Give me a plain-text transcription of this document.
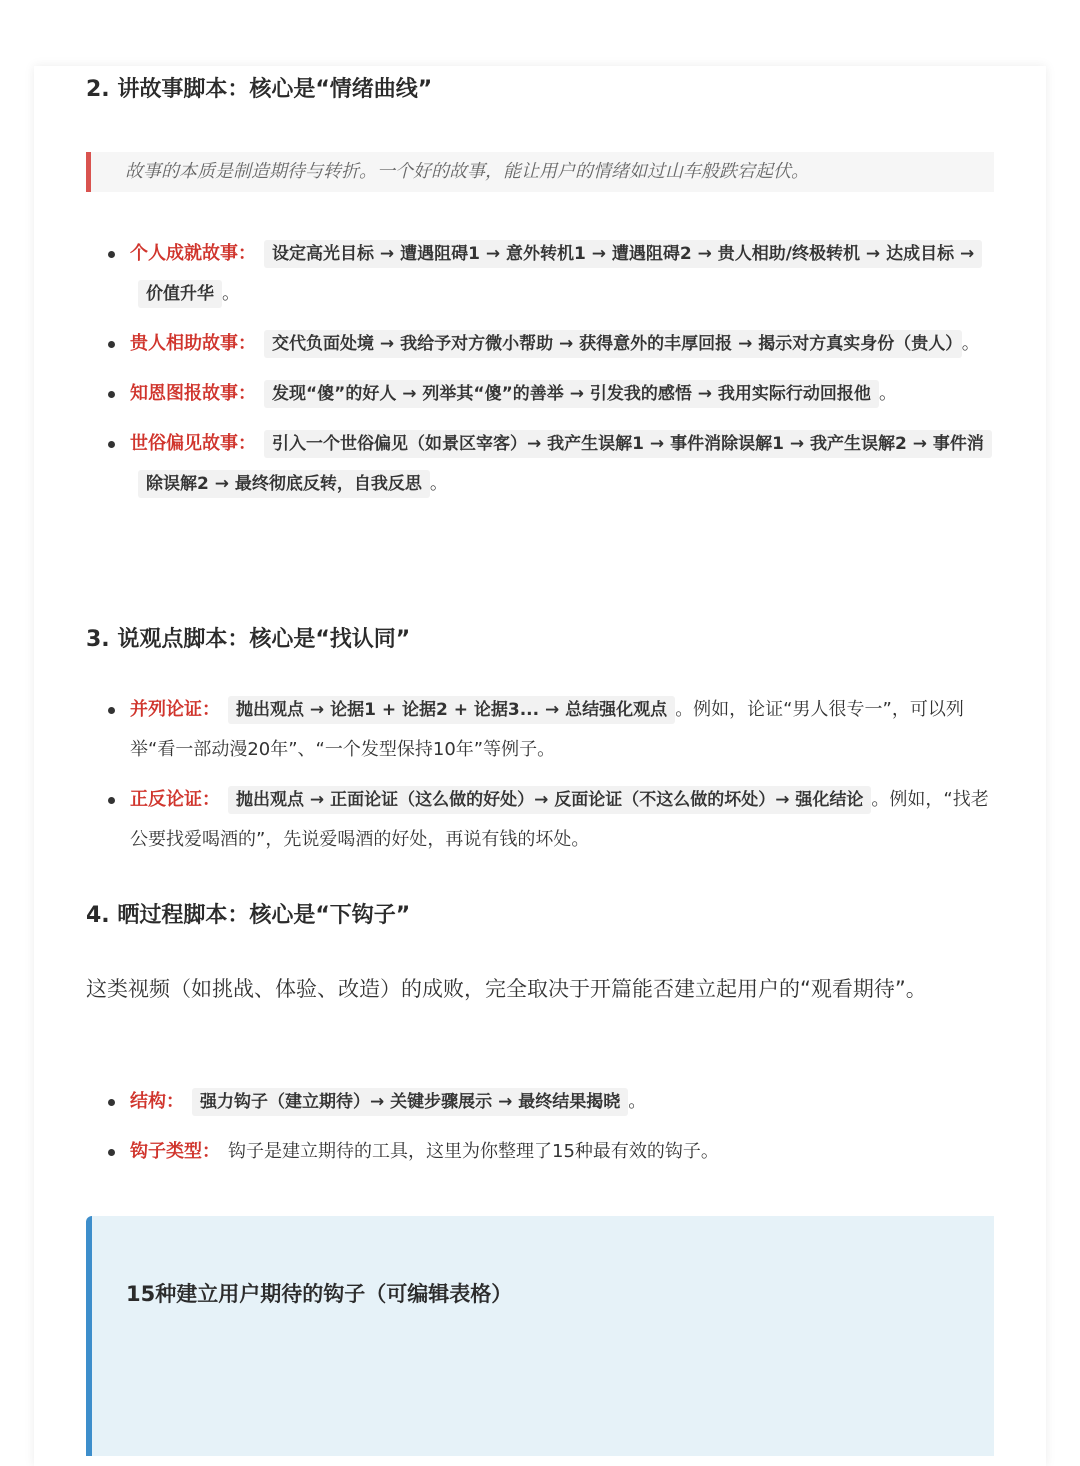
2. 讲故事脚本：核心是“情绪曲线”
故事的本质是制造期待与转折。一个好的故事，能让用户的情绪如过山车般跌宕起伏。
个人成就故事： 设定高光目标 → 遭遇阻碍1 → 意外转机1 → 遭遇阻碍2 → 贵人相助/终极转机 → 达成目标 → 价值升华 。
贵人相助故事： 交代负面处境 → 我给予对方微小帮助 → 获得意外的丰厚回报 → 揭示对方真实身份（贵人） 。
知恩图报故事： 发现“傻”的好人 → 列举其“傻”的善举 → 引发我的感悟 → 我用实际行动回报他 。
世俗偏见故事： 引入一个世俗偏见（如景区宰客）→ 我产生误解1 → 事件消除误解1 → 我产生误解2 → 事件消除误解2 → 最终彻底反转，自我反思 。
3. 说观点脚本：核心是“找认同”
并列论证： 抛出观点 → 论据1 + 论据2 + 论据3... → 总结强化观点 。例如，论证“男人很专一”，可以列举“看一部动漫20年”、“一个发型保持10年”等例子。
正反论证： 抛出观点 → 正面论证（这么做的好处）→ 反面论证（不这么做的坏处）→ 强化结论 。例如，“找老公要找爱喝酒的”，先说爱喝酒的好处，再说有钱的坏处。
4. 晒过程脚本：核心是“下钩子”

这类视频（如挑战、体验、改造）的成败，完全取决于开篇能否建立起用户的“观看期待”。

结构： 强力钩子（建立期待）→ 关键步骤展示 → 最终结果揭晓 。
钩子类型： 钩子是建立期待的工具，这里为你整理了15种最有效的钩子。
15种建立用户期待的钩子（可编辑表格）
